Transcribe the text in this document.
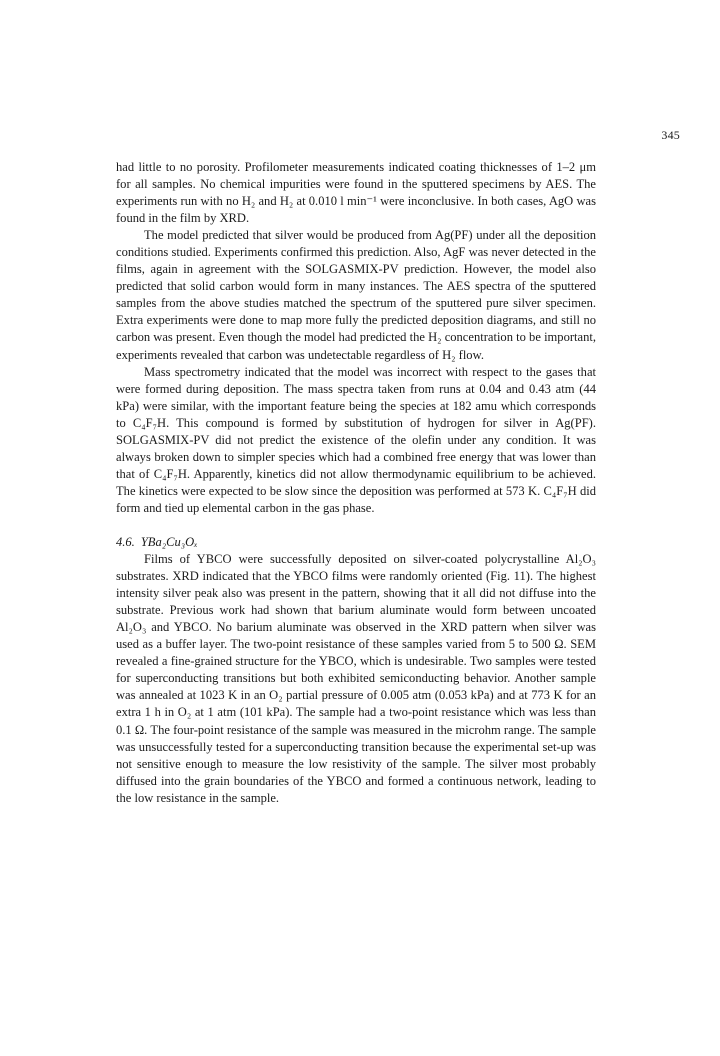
345

had little to no porosity. Profilometer measurements indicated coating thicknesses of 1–2 μm for all samples. No chemical impurities were found in the sputtered specimens by AES. The experiments run with no H₂ and H₂ at 0.010 l min⁻¹ were inconclusive. In both cases, AgO was found in the film by XRD.

The model predicted that silver would be produced from Ag(PF) under all the deposition conditions studied. Experiments confirmed this prediction. Also, AgF was never detected in the films, again in agreement with the SOLGASMIX-PV prediction. However, the model also predicted that solid carbon would form in many instances. The AES spectra of the sputtered samples from the above studies matched the spectrum of the sputtered pure silver specimen. Extra experiments were done to map more fully the predicted deposition diagrams, and still no carbon was present. Even though the model had predicted the H₂ concentration to be important, experiments revealed that carbon was undetectable regardless of H₂ flow.

Mass spectrometry indicated that the model was incorrect with respect to the gases that were formed during deposition. The mass spectra taken from runs at 0.04 and 0.43 atm (44 kPa) were similar, with the important feature being the species at 182 amu which corresponds to C₄F₇H. This compound is formed by substitution of hydrogen for silver in Ag(PF). SOLGASMIX-PV did not predict the existence of the olefin under any condition. It was always broken down to simpler species which had a combined free energy that was lower than that of C₄F₇H. Apparently, kinetics did not allow thermodynamic equilibrium to be achieved. The kinetics were expected to be slow since the deposition was performed at 573 K. C₄F₇H did form and tied up elemental carbon in the gas phase.

4.6. YBa₂Cu₃Oₓ

Films of YBCO were successfully deposited on silver-coated polycrystalline Al₂O₃ substrates. XRD indicated that the YBCO films were randomly oriented (Fig. 11). The highest intensity silver peak also was present in the pattern, showing that it all did not diffuse into the substrate. Previous work had shown that barium aluminate would form between uncoated Al₂O₃ and YBCO. No barium aluminate was observed in the XRD pattern when silver was used as a buffer layer. The two-point resistance of these samples varied from 5 to 500 Ω. SEM revealed a fine-grained structure for the YBCO, which is undesirable. Two samples were tested for superconducting transitions but both exhibited semiconducting behavior. Another sample was annealed at 1023 K in an O₂ partial pressure of 0.005 atm (0.053 kPa) and at 773 K for an extra 1 h in O₂ at 1 atm (101 kPa). The sample had a two-point resistance which was less than 0.1 Ω. The four-point resistance of the sample was measured in the microhm range. The sample was unsuccessfully tested for a superconducting transition because the experimental set-up was not sensitive enough to measure the low resistivity of the sample. The silver most probably diffused into the grain boundaries of the YBCO and formed a continuous network, leading to the low resistance in the sample.
